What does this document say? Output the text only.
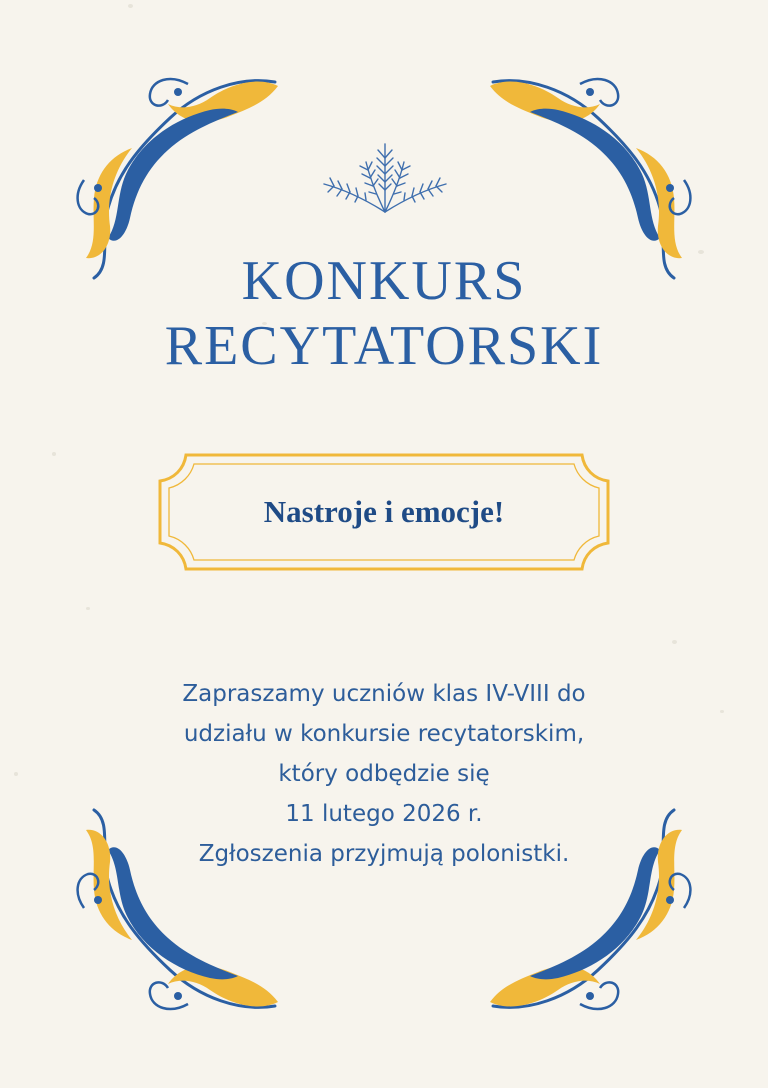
KONKURS
RECYTATORSKI
Nastroje i emocje!
Zapraszamy uczniów klas IV-VIII do
udziału w konkursie recytatorskim,
który odbędzie się
11 lutego 2026 r.
Zgłoszenia przyjmują polonistki.
